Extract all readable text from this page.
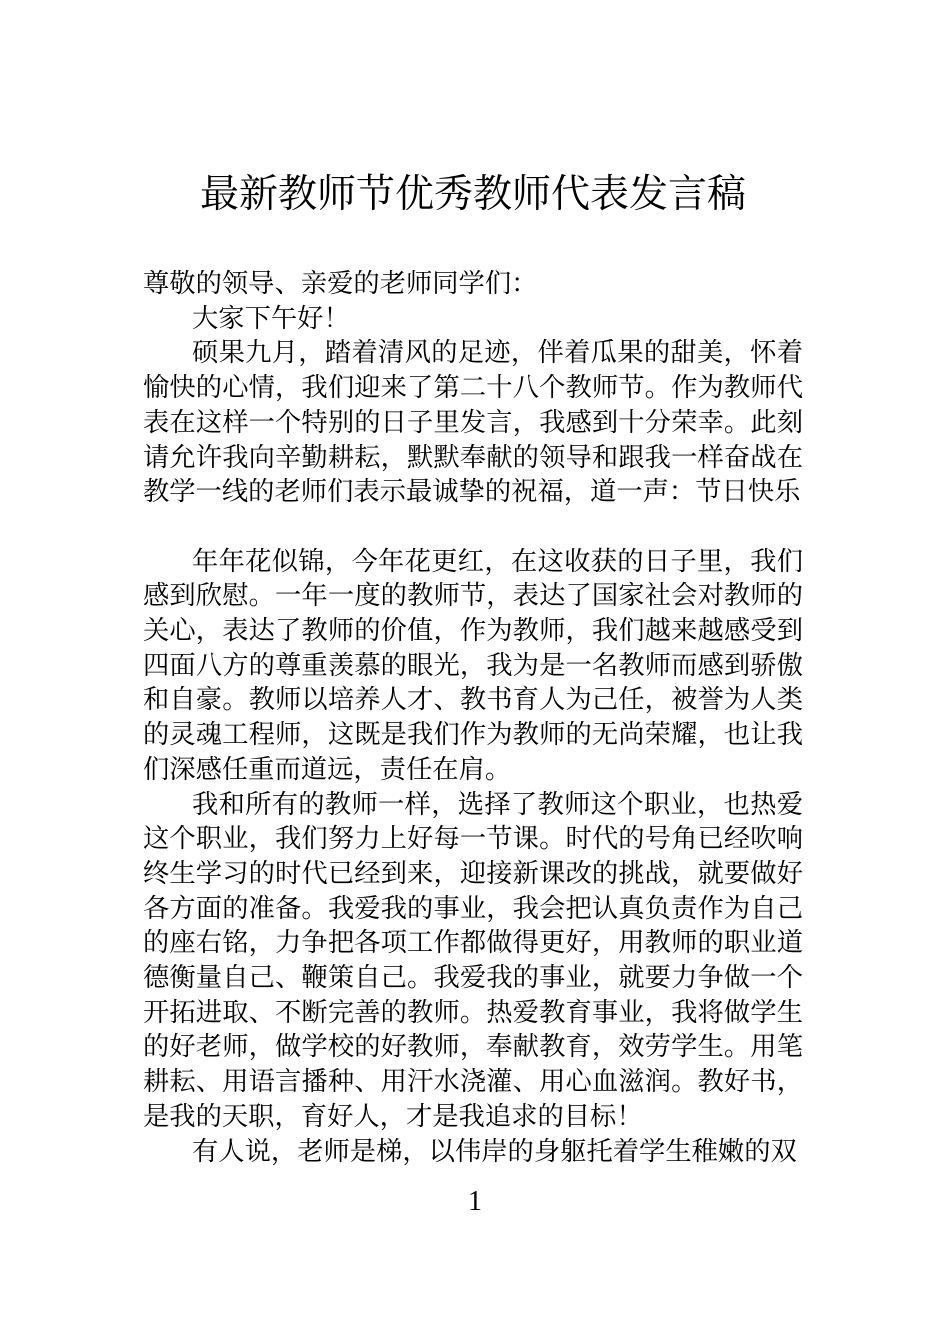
最新教师节优秀教师代表发言稿

尊敬的领导、亲爱的老师同学们：

大家下午好！

硕果九月，踏着清风的足迹，伴着瓜果的甜美，怀着愉快的心情，我们迎来了第二十八个教师节。作为教师代表在这样一个特别的日子里发言，我感到十分荣幸。此刻请允许我向辛勤耕耘，默默奉献的领导和跟我一样奋战在教学一线的老师们表示最诚挚的祝福，道一声：节日快乐

年年花似锦，今年花更红，在这收获的日子里，我们感到欣慰。一年一度的教师节，表达了国家社会对教师的关心，表达了教师的价值，作为教师，我们越来越感受到四面八方的尊重羡慕的眼光，我为是一名教师而感到骄傲和自豪。教师以培养人才、教书育人为己任，被誉为人类的灵魂工程师，这既是我们作为教师的无尚荣耀，也让我们深感任重而道远，责任在肩。

我和所有的教师一样，选择了教师这个职业，也热爱这个职业，我们努力上好每一节课。时代的号角已经吹响终生学习的时代已经到来，迎接新课改的挑战，就要做好各方面的准备。我爱我的事业，我会把认真负责作为自己的座右铭，力争把各项工作都做得更好，用教师的职业道德衡量自己、鞭策自己。我爱我的事业，就要力争做一个开拓进取、不断完善的教师。热爱教育事业，我将做学生的好老师，做学校的好教师，奉献教育，效劳学生。用笔耕耘、用语言播种、用汗水浇灌、用心血滋润。教好书，是我的天职，育好人，才是我追求的目标！

有人说，老师是梯，以伟岸的身躯托着学生稚嫩的双

1
